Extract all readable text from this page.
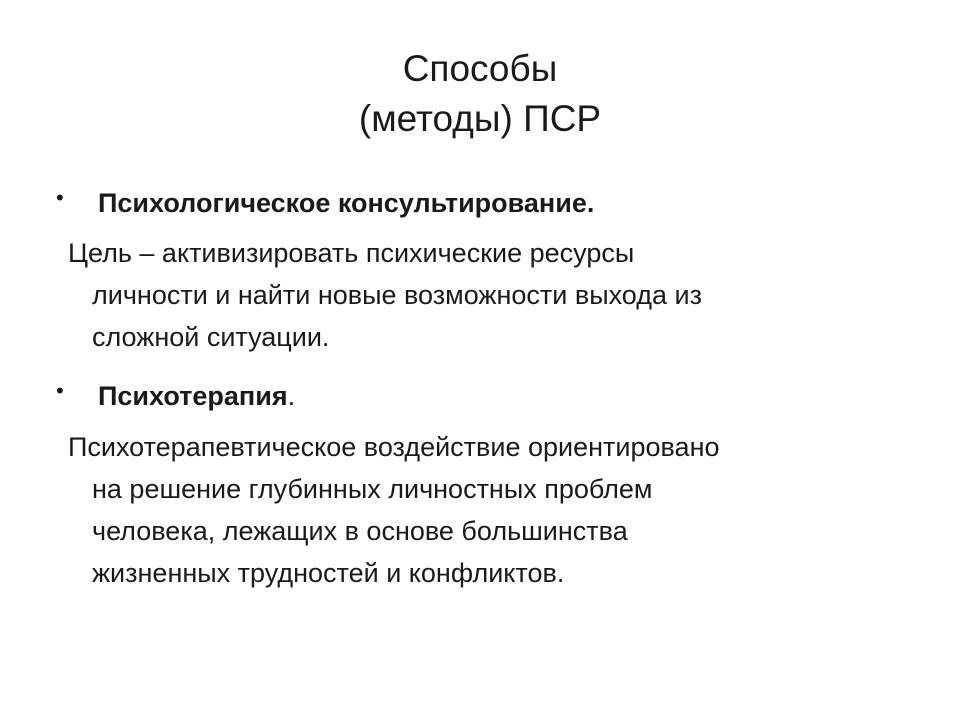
Способы
(методы) ПСР
• Психологическое консультирование.

Цель – активизировать психические ресурсы
личности и найти новые возможности выхода из
сложной ситуации.

• Психотерапия.

Психотерапевтическое воздействие ориентировано
на решение глубинных личностных проблем
человека, лежащих в основе большинства
жизненных трудностей и конфликтов.
